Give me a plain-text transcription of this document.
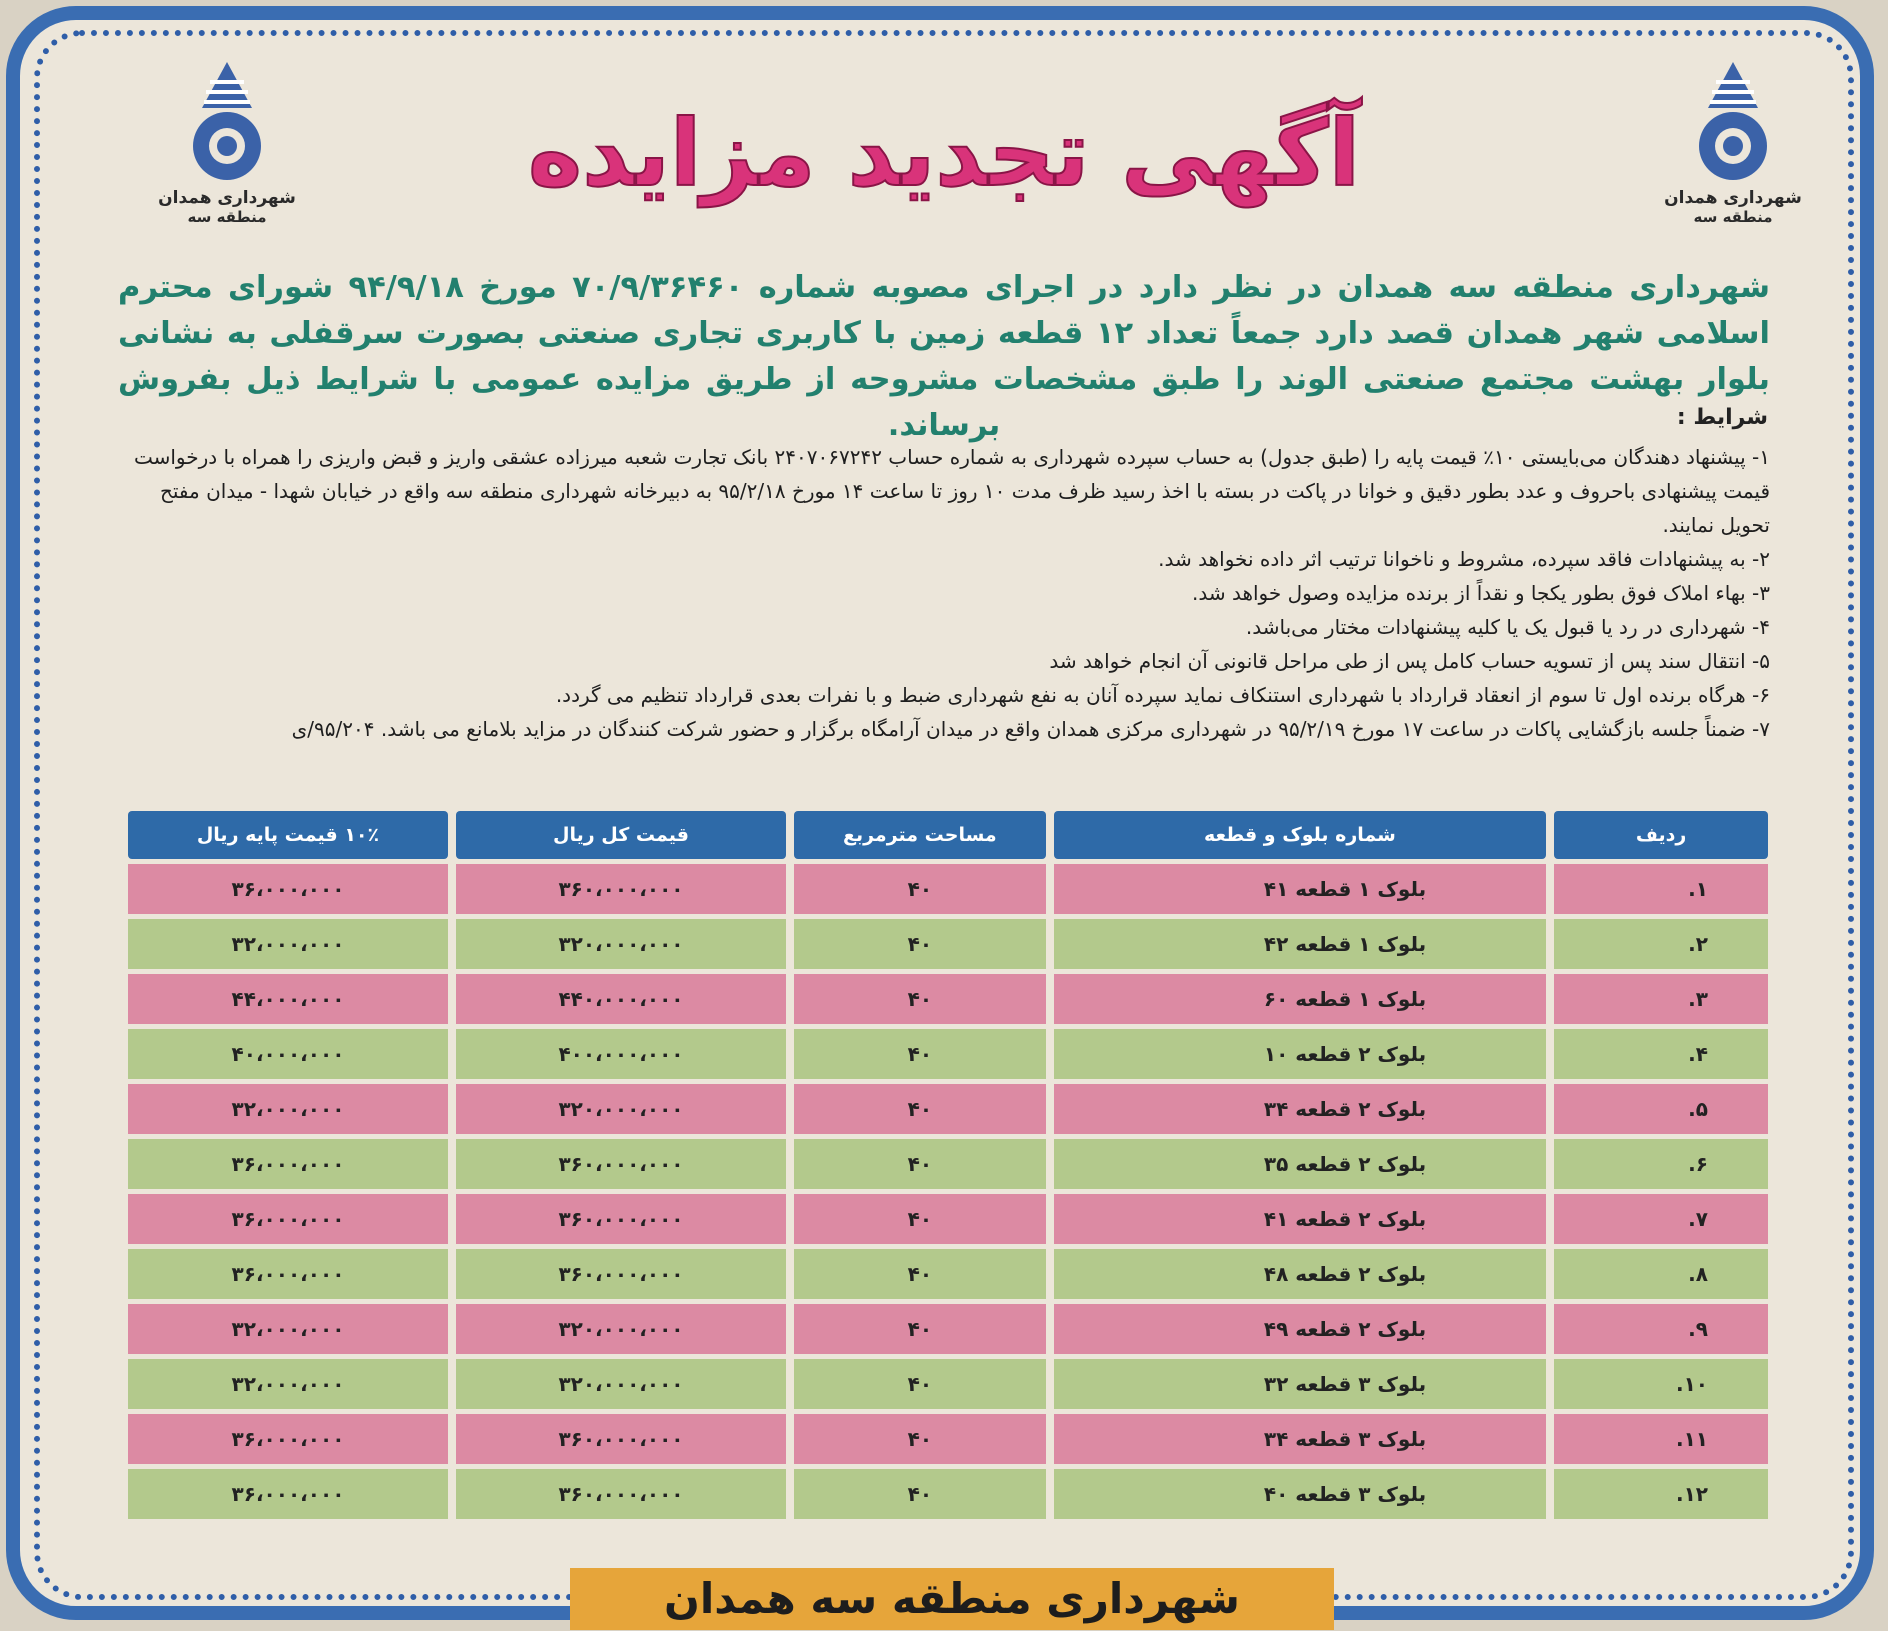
شهرداری همدان
منطقه سه
شهرداری همدان
منطقه سه
آگهی تجدید مزایده
شهرداری منطقه سه همدان در نظر دارد در اجرای مصوبه شماره ۷۰/۹/۳۶۴۶۰ مورخ ۹۴/۹/۱۸ شورای محترم اسلامی شهر همدان قصد دارد جمعاً تعداد ۱۲ قطعه زمین با کاربری تجاری صنعتی بصورت سرقفلی به نشانی بلوار بهشت مجتمع صنعتی الوند را طبق مشخصات مشروحه از طریق مزایده عمومی با شرایط ذیل بفروش برساند.	شرایط :

۱- پیشنهاد دهندگان می‌بایستی ۱۰٪ قیمت پایه را (طبق جدول) به حساب سپرده شهرداری به شماره حساب ۲۴۰۷۰۶۷۲۴۲ بانک تجارت شعبه میرزاده عشقی واریز و قبض واریزی را همراه با درخواست قیمت پیشنهادی باحروف و عدد بطور دقیق و خوانا در پاکت در بسته با اخذ رسید ظرف مدت ۱۰ روز تا ساعت ۱۴ مورخ ۹۵/۲/۱۸ به دبیرخانه شهرداری منطقه سه واقع در خیابان شهدا - میدان مفتح تحویل نمایند.

۲- به پیشنهادات فاقد سپرده، مشروط و ناخوانا ترتیب اثر داده نخواهد شد.

۳- بهاء املاک فوق بطور یکجا و نقداً از برنده مزایده وصول خواهد شد.

۴- شهرداری در رد یا قبول یک یا کلیه پیشنهادات مختار می‌باشد.

۵- انتقال سند پس از تسویه حساب کامل پس از طی مراحل قانونی آن انجام خواهد شد

۶- هرگاه برنده اول تا سوم از انعقاد قرارداد با شهرداری استنکاف نماید سپرده آنان به نفع شهرداری ضبط و با نفرات بعدی قرارداد تنظیم می گردد.

۷- ضمناً جلسه بازگشایی پاکات در ساعت ۱۷ مورخ ۹۵/۲/۱۹ در شهرداری مرکزی همدان واقع در میدان آرامگاه برگزار و حضور شرکت کنندگان در مزاید بلامانع می باشد. ۹۵/۲۰۴/ی

ردیف	شماره بلوک و قطعه	مساحت مترمربع	قیمت کل ریال	۱۰٪ قیمت پایه ریال
۱.	بلوک ۱ قطعه ۴۱	۴۰	۳۶۰،۰۰۰،۰۰۰	۳۶،۰۰۰،۰۰۰
۲.	بلوک ۱ قطعه ۴۲	۴۰	۳۲۰،۰۰۰،۰۰۰	۳۲،۰۰۰،۰۰۰
۳.	بلوک ۱ قطعه ۶۰	۴۰	۴۴۰،۰۰۰،۰۰۰	۴۴،۰۰۰،۰۰۰
۴.	بلوک ۲ قطعه ۱۰	۴۰	۴۰۰،۰۰۰،۰۰۰	۴۰،۰۰۰،۰۰۰
۵.	بلوک ۲ قطعه ۳۴	۴۰	۳۲۰،۰۰۰،۰۰۰	۳۲،۰۰۰،۰۰۰
۶.	بلوک ۲ قطعه ۳۵	۴۰	۳۶۰،۰۰۰،۰۰۰	۳۶،۰۰۰،۰۰۰
۷.	بلوک ۲ قطعه ۴۱	۴۰	۳۶۰،۰۰۰،۰۰۰	۳۶،۰۰۰،۰۰۰
۸.	بلوک ۲ قطعه ۴۸	۴۰	۳۶۰،۰۰۰،۰۰۰	۳۶،۰۰۰،۰۰۰
۹.	بلوک ۲ قطعه ۴۹	۴۰	۳۲۰،۰۰۰،۰۰۰	۳۲،۰۰۰،۰۰۰
۱۰.	بلوک ۳ قطعه ۳۲	۴۰	۳۲۰،۰۰۰،۰۰۰	۳۲،۰۰۰،۰۰۰
۱۱.	بلوک ۳ قطعه ۳۴	۴۰	۳۶۰،۰۰۰،۰۰۰	۳۶،۰۰۰،۰۰۰
۱۲.	بلوک ۳ قطعه ۴۰	۴۰	۳۶۰،۰۰۰،۰۰۰	۳۶،۰۰۰،۰۰۰
شهرداری منطقه سه همدان
